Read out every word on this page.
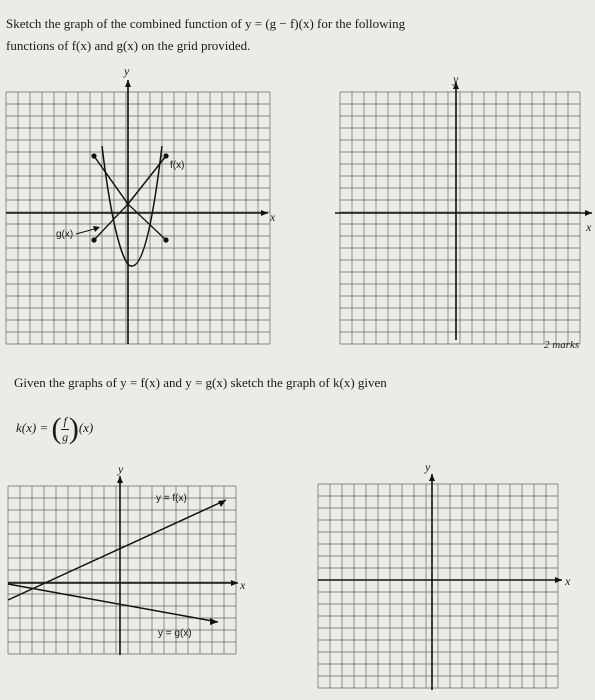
Sketch the graph of the combined function of y = (g − f)(x) for the following
functions of f(x) and g(x) on the grid provided.
y
x
f(x)
g(x)
y
x
2 marks
Given the graphs of y = f(x) and y = g(x) sketch the graph of k(x) given
k(x) = ( $\frac{f}{g} )(x)$
y
x
y = f(x)
y = g(x)
y
x
